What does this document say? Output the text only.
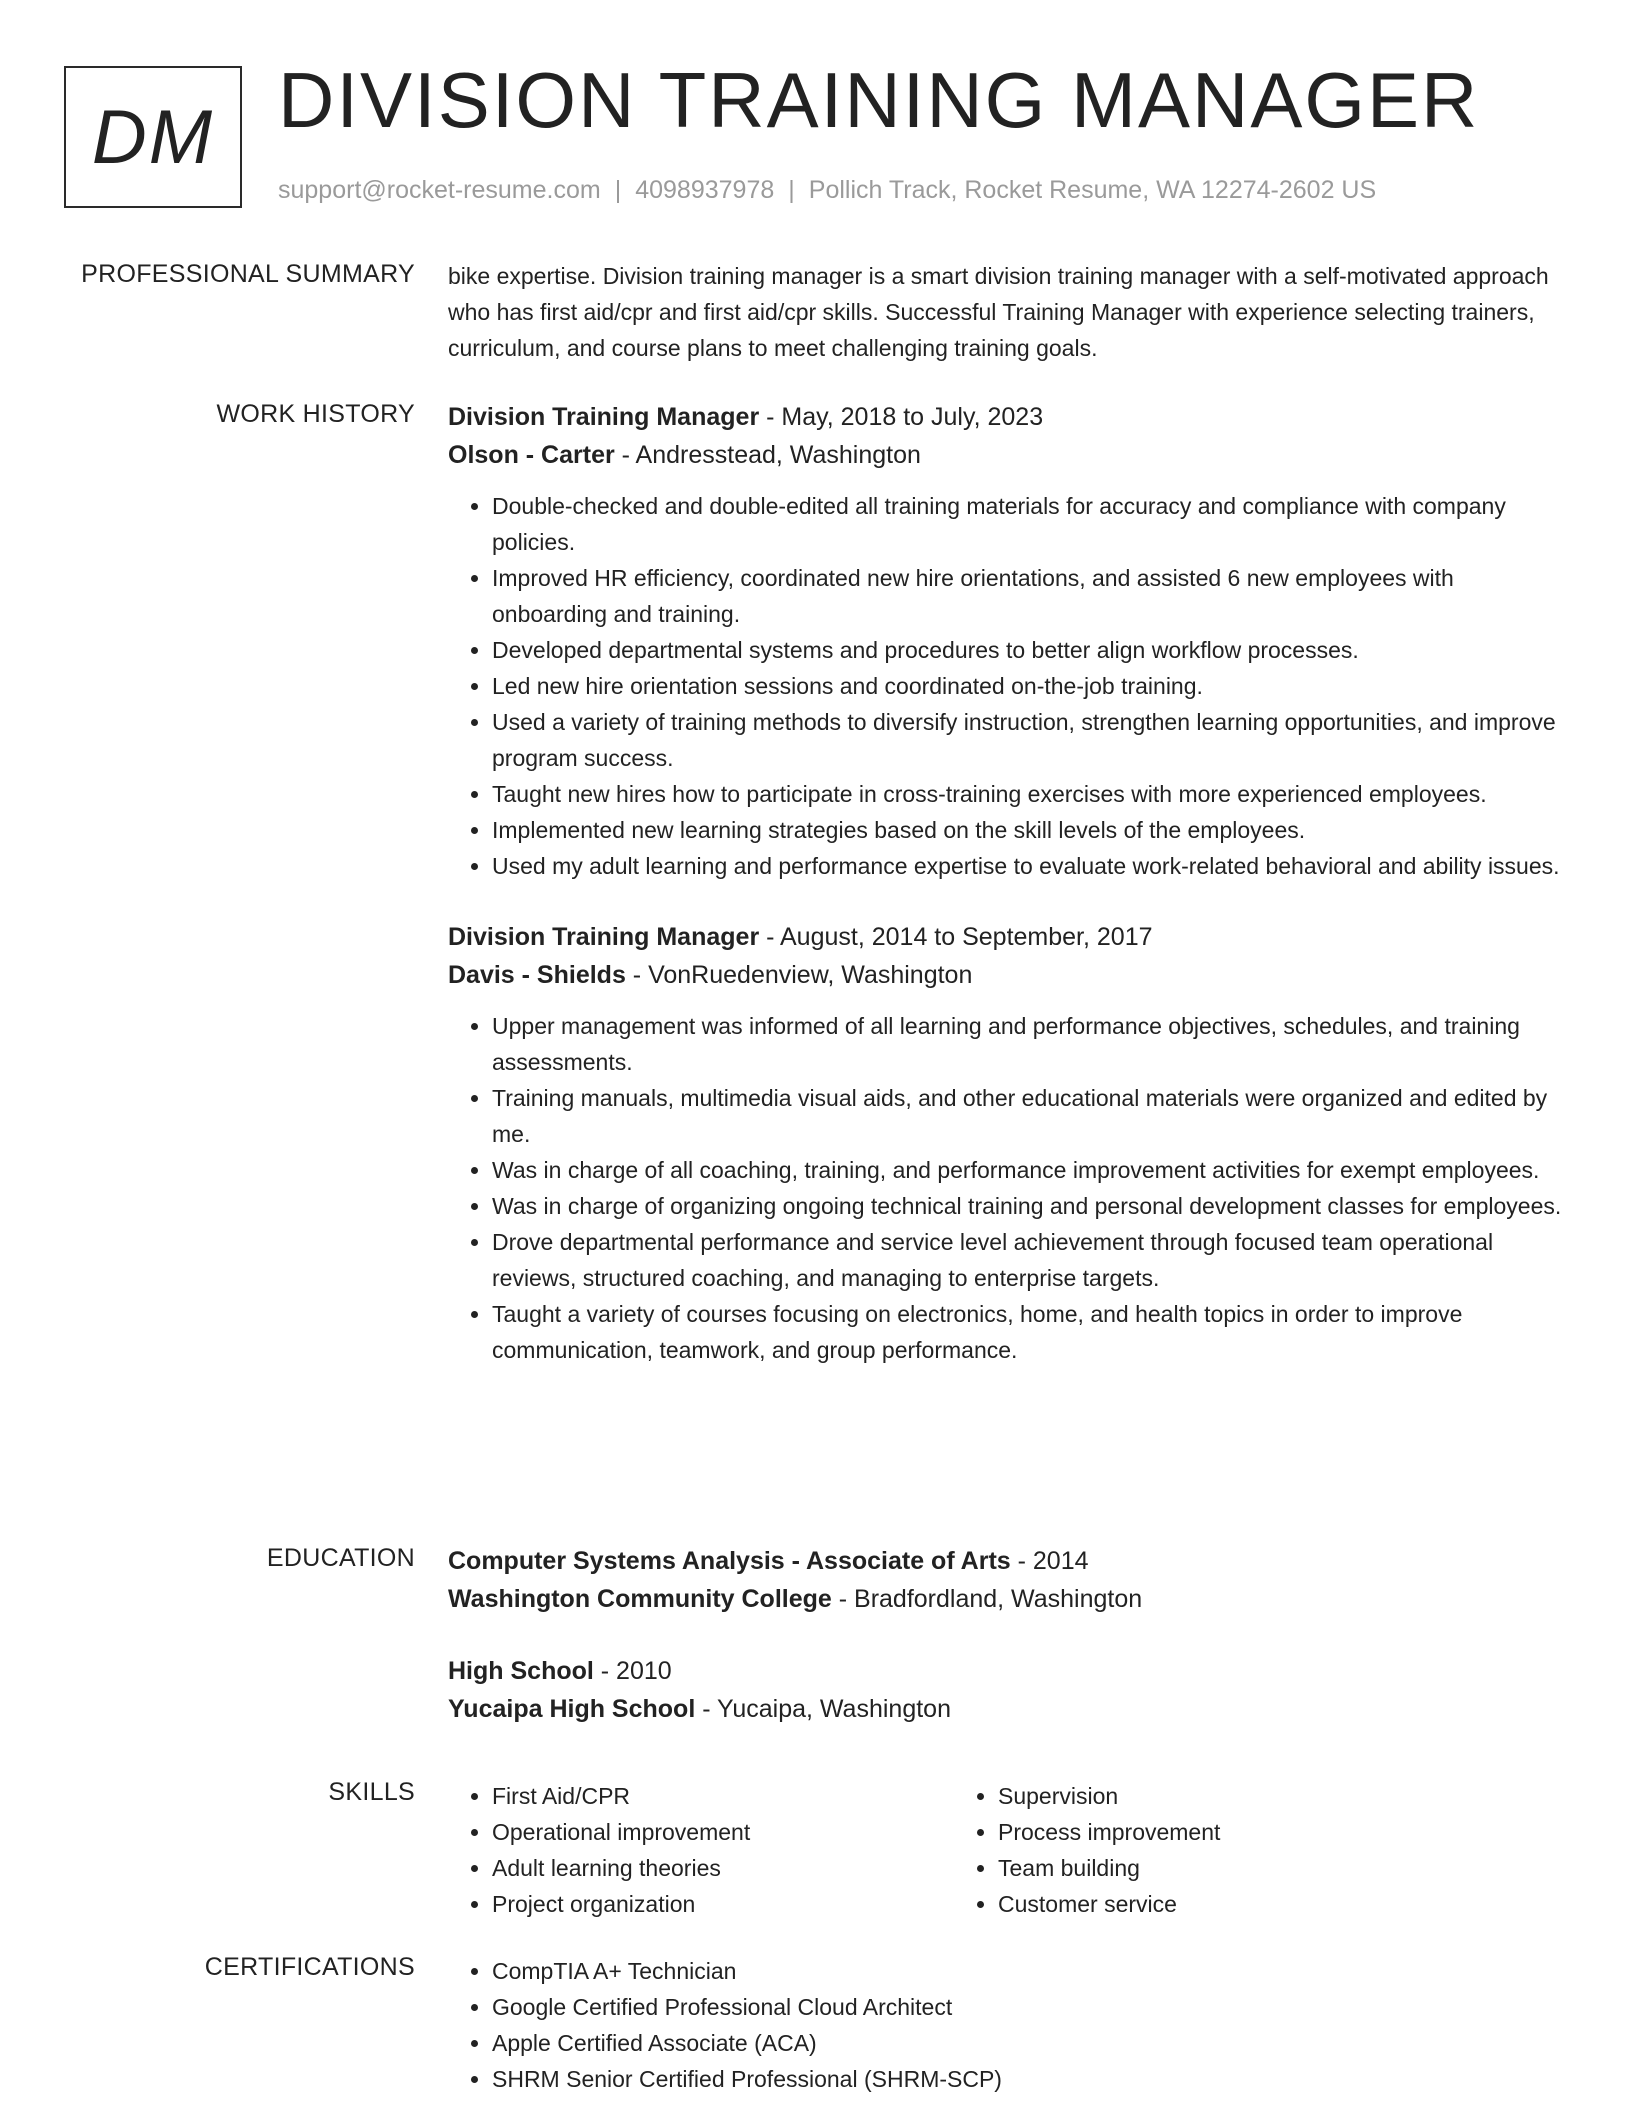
DM DIVISION TRAINING MANAGER
support@rocket-resume.com | 4098937978 | Pollich Track, Rocket Resume, WA 12274-2602 US
PROFESSIONAL SUMMARY bike expertise. Division training manager is a smart division training manager with a self-motivated approach who has first aid/cpr and first aid/cpr skills. Successful Training Manager with experience selecting trainers, curriculum, and course plans to meet challenging training goals.
WORK HISTORY Division Training Manager - May, 2018 to July, 2023
Olson - Carter - Andresstead, Washington
• Double-checked and double-edited all training materials for accuracy and compliance with company policies.
• Improved HR efficiency, coordinated new hire orientations, and assisted 6 new employees with onboarding and training.
• Developed departmental systems and procedures to better align workflow processes.
• Led new hire orientation sessions and coordinated on-the-job training.
• Used a variety of training methods to diversify instruction, strengthen learning opportunities, and improve program success.
• Taught new hires how to participate in cross-training exercises with more experienced employees.
• Implemented new learning strategies based on the skill levels of the employees.
• Used my adult learning and performance expertise to evaluate work-related behavioral and ability issues.
Division Training Manager - August, 2014 to September, 2017
Davis - Shields - VonRuedenview, Washington
• Upper management was informed of all learning and performance objectives, schedules, and training assessments.
• Training manuals, multimedia visual aids, and other educational materials were organized and edited by me.
• Was in charge of all coaching, training, and performance improvement activities for exempt employees.
• Was in charge of organizing ongoing technical training and personal development classes for employees.
• Drove departmental performance and service level achievement through focused team operational reviews, structured coaching, and managing to enterprise targets.
• Taught a variety of courses focusing on electronics, home, and health topics in order to improve communication, teamwork, and group performance.
EDUCATION Computer Systems Analysis - Associate of Arts - 2014
Washington Community College - Bradfordland, Washington
High School - 2010
Yucaipa High School - Yucaipa, Washington
SKILLS	• First Aid/CPR
• Operational improvement
• Adult learning theories
• Project organization
• Supervision
• Process improvement
• Team building
• Customer service
CERTIFICATIONS	• CompTIA A+ Technician
• Google Certified Professional Cloud Architect
• Apple Certified Associate (ACA)
• SHRM Senior Certified Professional (SHRM-SCP)
